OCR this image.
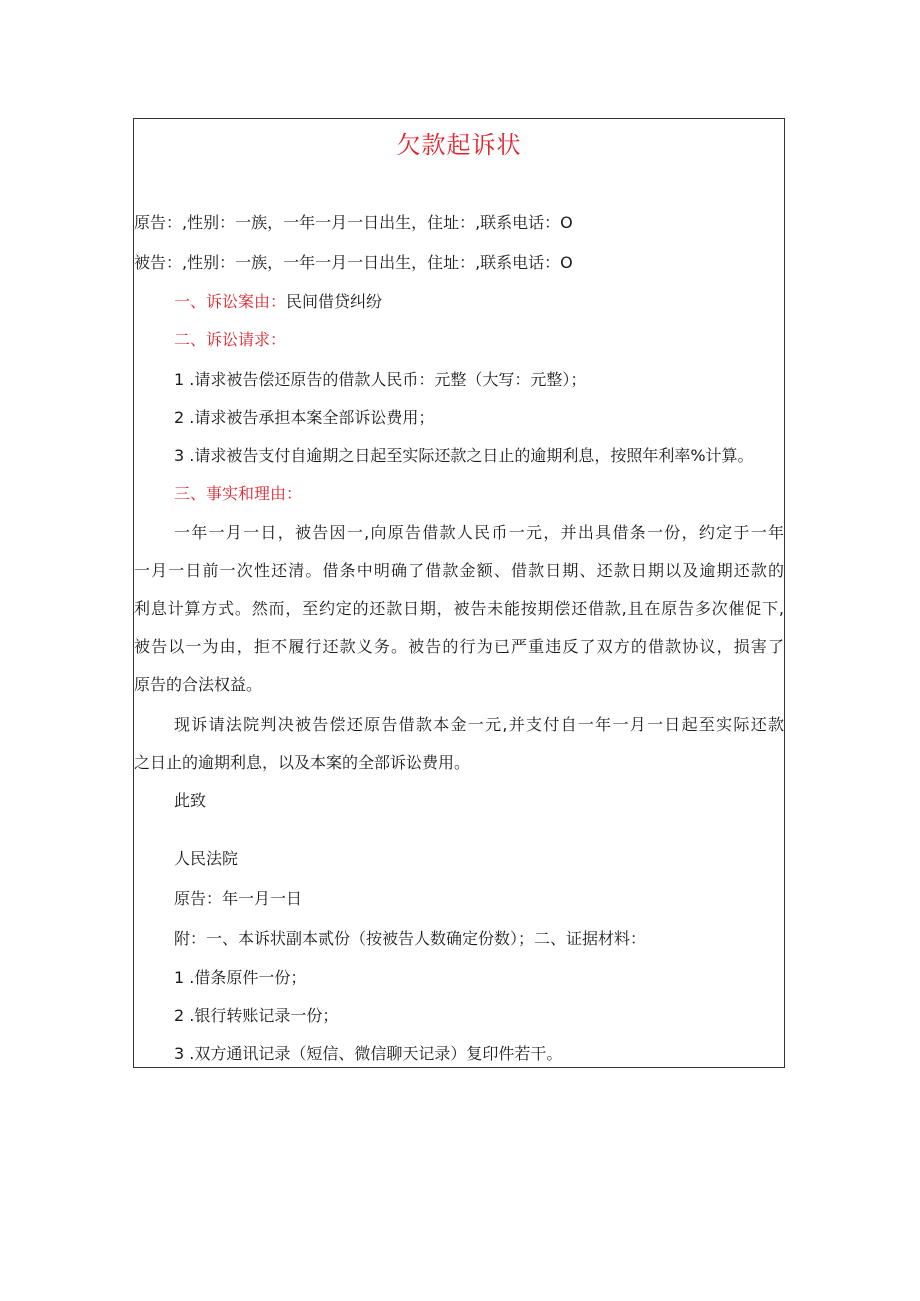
欠款起诉状
原告：,性别：一族，一年一月一日出生，住址：,联系电话：O
被告：,性别：一族，一年一月一日出生，住址：,联系电话：O
一、诉讼案由：民间借贷纠纷
二、诉讼请求：
1 .请求被告偿还原告的借款人民币：元整（大写：元整）；
2 .请求被告承担本案全部诉讼费用；
3 .请求被告支付自逾期之日起至实际还款之日止的逾期利息，按照年利率%计算。
三、事实和理由：
一年一月一日，被告因一,向原告借款人民币一元，并出具借条一份，约定于一年
一月一日前一次性还清。借条中明确了借款金额、借款日期、还款日期以及逾期还款的
利息计算方式。然而，至约定的还款日期，被告未能按期偿还借款,且在原告多次催促下,
被告以一为由，拒不履行还款义务。被告的行为已严重违反了双方的借款协议，损害了
原告的合法权益。
现诉请法院判决被告偿还原告借款本金一元,并支付自一年一月一日起至实际还款
之日止的逾期利息，以及本案的全部诉讼费用。
此致
人民法院
原告：年一月一日
附：一、本诉状副本贰份（按被告人数确定份数）；二、证据材料：
1 .借条原件一份；
2 .银行转账记录一份；
3 .双方通讯记录（短信、微信聊天记录）复印件若干。
